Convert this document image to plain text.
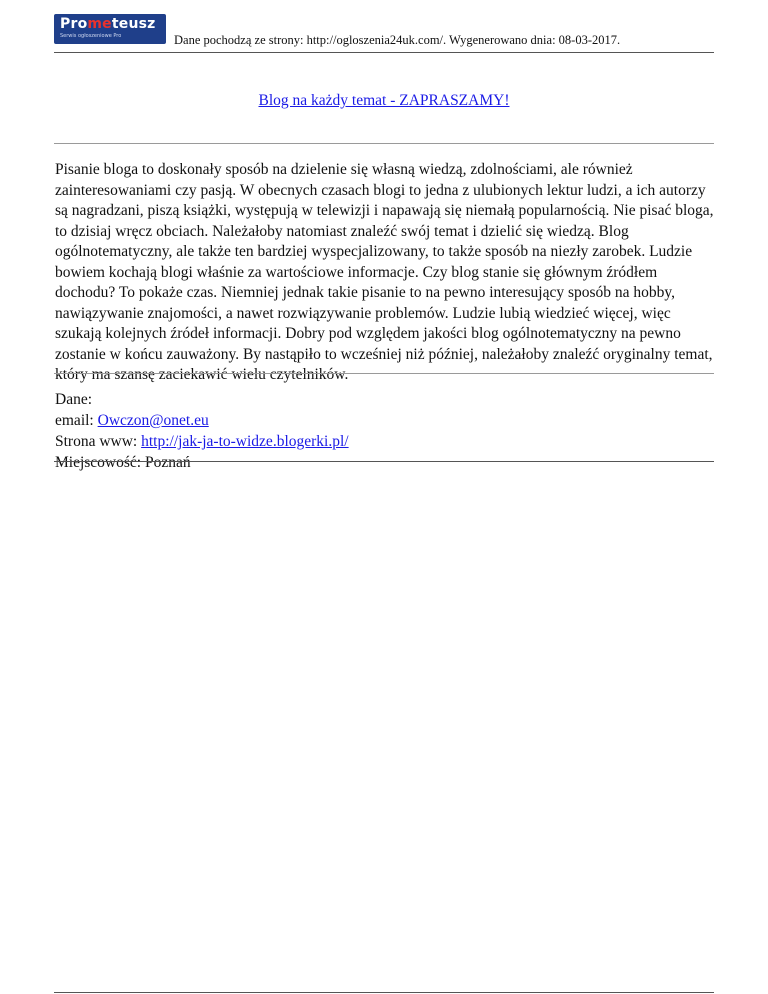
Prometeusz
Serwis ogłoszeniowe Pro	Dane pochodzą ze strony: http://ogloszenia24uk.com/. Wygenerowano dnia: 08-03-2017.
Blog na każdy temat - ZAPRASZAMY!

Pisanie bloga to doskonały sposób na dzielenie się własną wiedzą, zdolnościami, ale również zainteresowaniami czy pasją. W obecnych czasach blogi to jedna z ulubionych lektur ludzi, a ich autorzy są nagradzani, piszą książki, występują w telewizji i napawają się niemałą popularnością. Nie pisać bloga, to dzisiaj wręcz obciach. Należałoby natomiast znaleźć swój temat i dzielić się wiedzą. Blog ogólnotematyczny, ale także ten bardziej wyspecjalizowany, to także sposób na niezły zarobek. Ludzie bowiem kochają blogi właśnie za wartościowe informacje. Czy blog stanie się głównym źródłem dochodu? To pokaże czas. Niemniej jednak takie pisanie to na pewno interesujący sposób na hobby, nawiązywanie znajomości, a nawet rozwiązywanie problemów. Ludzie lubią wiedzieć więcej, więc szukają kolejnych źródeł informacji. Dobry pod względem jakości blog ogólnotematyczny na pewno zostanie w końcu zauważony. By nastąpiło to wcześniej niż później, należałoby znaleźć oryginalny temat, który ma szansę zaciekawić wielu czytelników.

Dane:
email: Owczon@onet.eu
Strona www: http://jak-ja-to-widze.blogerki.pl/
Miejscowość: Poznań
